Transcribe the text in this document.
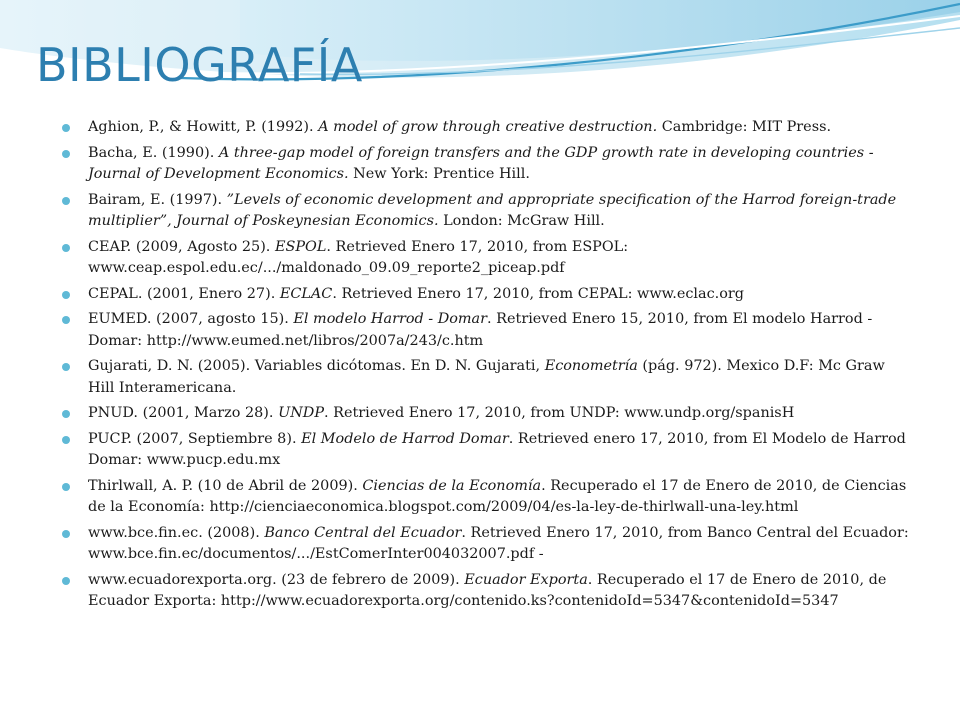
BIBLIOGRAFÍA
Aghion, P., & Howitt, P. (1992). A model of grow through creative destruction. Cambridge: MIT Press.
Bacha, E. (1990). A three-gap model of foreign transfers and the GDP growth rate in developing countries - Journal of Development Economics. New York: Prentice Hill.
Bairam, E. (1997). ”Levels of economic development and appropriate specification of the Harrod foreign-trade multiplier”, Journal of Poskeynesian Economics. London: McGraw Hill.
CEAP. (2009, Agosto 25). ESPOL. Retrieved Enero 17, 2010, from ESPOL: www.ceap.espol.edu.ec/.../maldonado_09.09_reporte2_piceap.pdf
CEPAL. (2001, Enero 27). ECLAC. Retrieved Enero 17, 2010, from CEPAL: www.eclac.org
EUMED. (2007, agosto 15). El modelo Harrod - Domar. Retrieved Enero 15, 2010, from El modelo Harrod - Domar: http://www.eumed.net/libros/2007a/243/c.htm
Gujarati, D. N. (2005). Variables dicótomas. En D. N. Gujarati, Econometría (pág. 972). Mexico D.F: Mc Graw Hill Interamericana.
PNUD. (2001, Marzo 28). UNDP. Retrieved Enero 17, 2010, from UNDP: www.undp.org/spanisH
PUCP. (2007, Septiembre 8). El Modelo de Harrod Domar. Retrieved enero 17, 2010, from El Modelo de Harrod Domar: www.pucp.edu.mx
Thirlwall, A. P. (10 de Abril de 2009). Ciencias de la Economía. Recuperado el 17 de Enero de 2010, de Ciencias de la Economía: http://cienciaeconomica.blogspot.com/2009/04/es-la-ley-de-thirlwall-una-ley.html
www.bce.fin.ec. (2008). Banco Central del Ecuador. Retrieved Enero 17, 2010, from Banco Central del Ecuador: www.bce.fin.ec/documentos/.../EstComerInter004032007.pdf -
www.ecuadorexporta.org. (23 de febrero de 2009). Ecuador Exporta. Recuperado el 17 de Enero de 2010, de Ecuador Exporta: http://www.ecuadorexporta.org/contenido.ks?contenidoId=5347&contenidoId=5347
